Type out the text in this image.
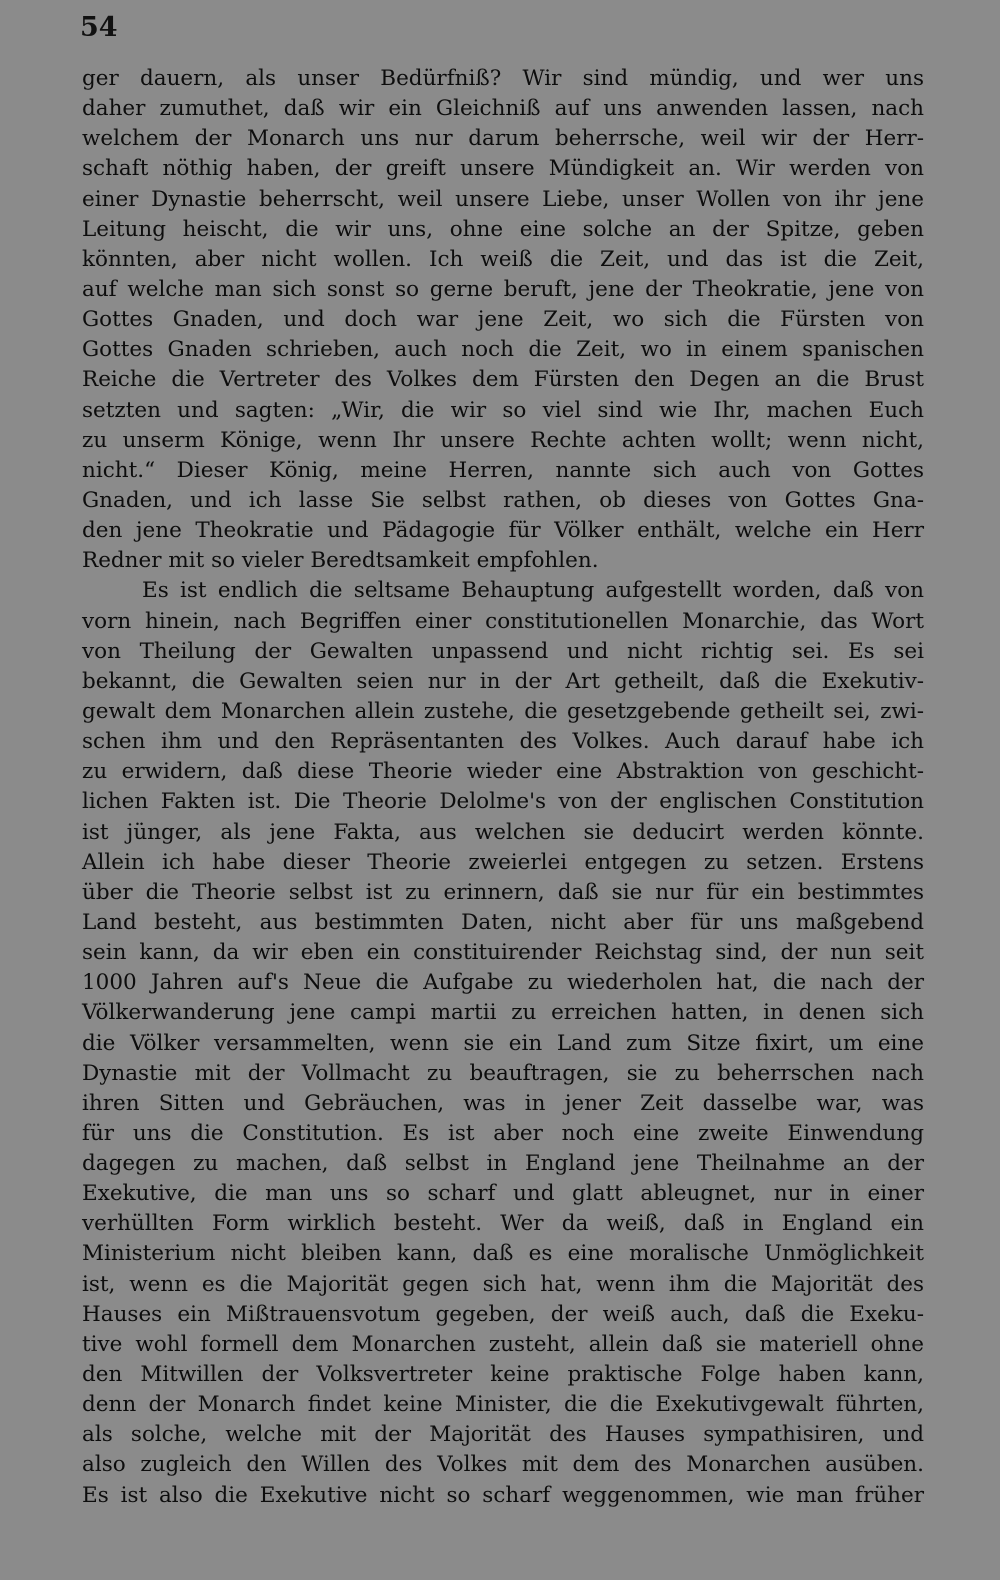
54
ger dauern, als unser Bedürfniß? Wir sind mündig, und wer uns
daher zumuthet, daß wir ein Gleichniß auf uns anwenden lassen, nach
welchem der Monarch uns nur darum beherrsche, weil wir der Herr-
schaft nöthig haben, der greift unsere Mündigkeit an. Wir werden von
einer Dynastie beherrscht, weil unsere Liebe, unser Wollen von ihr jene
Leitung heischt, die wir uns, ohne eine solche an der Spitze, geben
könnten, aber nicht wollen. Ich weiß die Zeit, und das ist die Zeit,
auf welche man sich sonst so gerne beruft, jene der Theokratie, jene von
Gottes Gnaden, und doch war jene Zeit, wo sich die Fürsten von
Gottes Gnaden schrieben, auch noch die Zeit, wo in einem spanischen
Reiche die Vertreter des Volkes dem Fürsten den Degen an die Brust
setzten und sagten: „Wir, die wir so viel sind wie Ihr, machen Euch
zu unserm Könige, wenn Ihr unsere Rechte achten wollt; wenn nicht,
nicht.“ Dieser König, meine Herren, nannte sich auch von Gottes
Gnaden, und ich lasse Sie selbst rathen, ob dieses von Gottes Gna-
den jene Theokratie und Pädagogie für Völker enthält, welche ein Herr
Redner mit so vieler Beredtsamkeit empfohlen.
Es ist endlich die seltsame Behauptung aufgestellt worden, daß von
vorn hinein, nach Begriffen einer constitutionellen Monarchie, das Wort
von Theilung der Gewalten unpassend und nicht richtig sei. Es sei
bekannt, die Gewalten seien nur in der Art getheilt, daß die Exekutiv-
gewalt dem Monarchen allein zustehe, die gesetzgebende getheilt sei, zwi-
schen ihm und den Repräsentanten des Volkes. Auch darauf habe ich
zu erwidern, daß diese Theorie wieder eine Abstraktion von geschicht-
lichen Fakten ist. Die Theorie Delolme's von der englischen Constitution
ist jünger, als jene Fakta, aus welchen sie deducirt werden könnte.
Allein ich habe dieser Theorie zweierlei entgegen zu setzen. Erstens
über die Theorie selbst ist zu erinnern, daß sie nur für ein bestimmtes
Land besteht, aus bestimmten Daten, nicht aber für uns maßgebend
sein kann, da wir eben ein constituirender Reichstag sind, der nun seit
1000 Jahren auf's Neue die Aufgabe zu wiederholen hat, die nach der
Völkerwanderung jene campi martii zu erreichen hatten, in denen sich
die Völker versammelten, wenn sie ein Land zum Sitze fixirt, um eine
Dynastie mit der Vollmacht zu beauftragen, sie zu beherrschen nach
ihren Sitten und Gebräuchen, was in jener Zeit dasselbe war, was
für uns die Constitution. Es ist aber noch eine zweite Einwendung
dagegen zu machen, daß selbst in England jene Theilnahme an der
Exekutive, die man uns so scharf und glatt ableugnet, nur in einer
verhüllten Form wirklich besteht. Wer da weiß, daß in England ein
Ministerium nicht bleiben kann, daß es eine moralische Unmöglichkeit
ist, wenn es die Majorität gegen sich hat, wenn ihm die Majorität des
Hauses ein Mißtrauensvotum gegeben, der weiß auch, daß die Exeku-
tive wohl formell dem Monarchen zusteht, allein daß sie materiell ohne
den Mitwillen der Volksvertreter keine praktische Folge haben kann,
denn der Monarch findet keine Minister, die die Exekutivgewalt führten,
als solche, welche mit der Majorität des Hauses sympathisiren, und
also zugleich den Willen des Volkes mit dem des Monarchen ausüben.
Es ist also die Exekutive nicht so scharf weggenommen, wie man früher
